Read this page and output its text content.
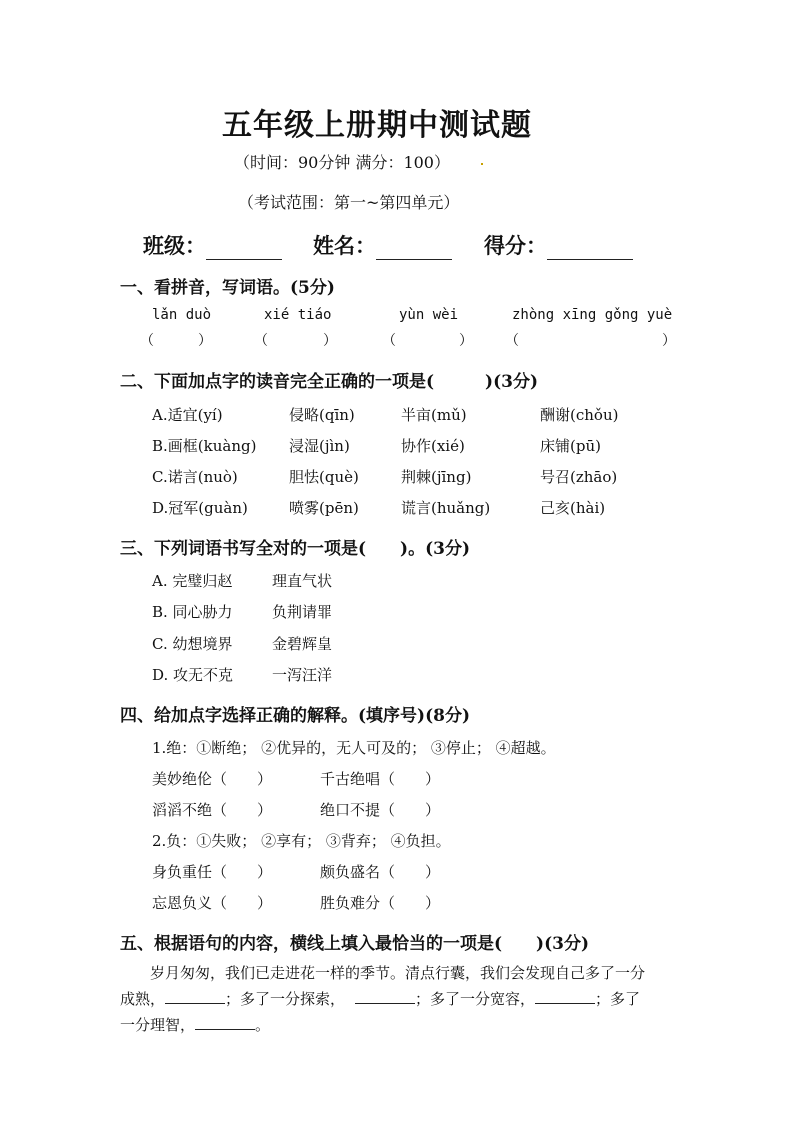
五年级上册期中测试题
（时间：90分钟 满分：100）
（考试范围：第一~第四单元）
班级：	姓名：	得分：
一、看拼音，写词语。(5分)
lǎn duò	xié tiáo	yùn wèi	zhòng xīng gǒng yuè
（	）	（	）	（	） （	）
二、下面加点字的读音完全正确的一项是(　　　)(3分)
A.适宜(yí)	侵略(qīn)	半亩(mǔ)	酬谢(chǒu)
B.画框(kuàng) 浸湿(jìn)	协作(xié)	床铺(pū)
C.诺言(nuò)	胆怯(què)	荆棘(jīng)	号召(zhāo)
D.冠军(guàn)	喷雾(pēn)	谎言(huǎng)	己亥(hài)
三、下列词语书写全对的一项是(　　)。(3分)
A. 完璧归赵	理直气状
B. 同心胁力	负荆请罪
C. 幼想境界	金碧辉皇
D. 攻无不克	一泻汪洋
四、给加点字选择正确的解释。(填序号)(8分)
1.绝：①断绝； ②优异的，无人可及的； ③停止； ④超越。
美妙绝伦（　　）	千古绝唱（　　）
滔滔不绝（　　）	绝口不提（　　）
2.负：①失败； ②享有； ③背弃； ④负担。
身负重任（　　）	颇负盛名（　　）
忘恩负义（　　）	胜负难分（　　）
五、根据语句的内容，横线上填入最恰当的一项是(　　)(3分)
岁月匆匆，我们已走进花一样的季节。清点行囊，我们会发现自己多了一分
成熟，	；多了一分探索，	；多了一分宽容，	；多了
一分理智，	。
